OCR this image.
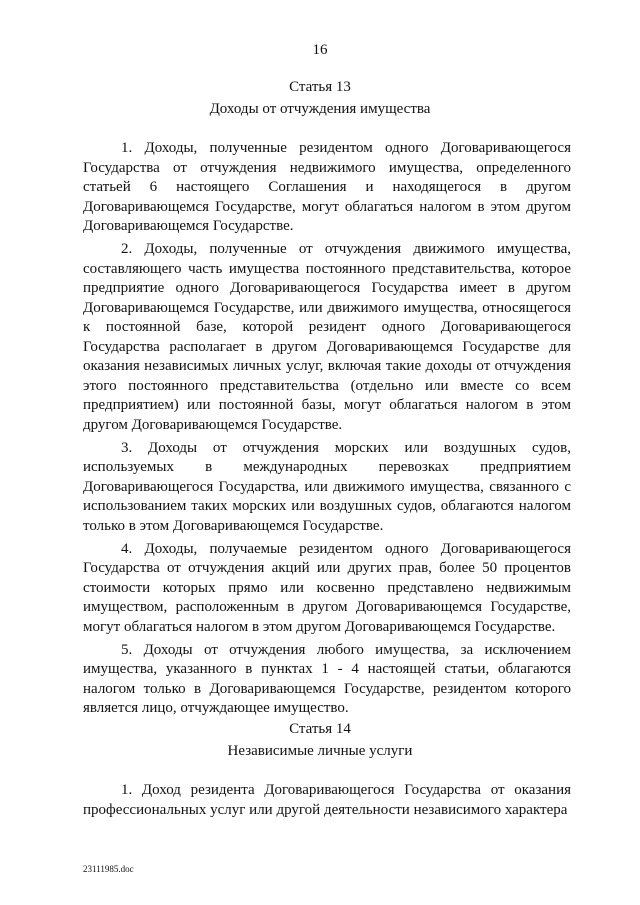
16
Статья 13
Доходы от отчуждения имущества

1. Доходы, полученные резидентом одного Договаривающегося Государства от отчуждения недвижимого имущества, определенного статьей 6 настоящего Соглашения и находящегося в другом Договаривающемся Государстве, могут облагаться налогом в этом другом Договаривающемся Государстве.

2. Доходы, полученные от отчуждения движимого имущества, составляющего часть имущества постоянного представительства, которое предприятие одного Договаривающегося Государства имеет в другом Договаривающемся Государстве, или движимого имущества, относящегося к постоянной базе, которой резидент одного Договаривающегося Государства располагает в другом Договаривающемся Государстве для оказания независимых личных услуг, включая такие доходы от отчуждения этого постоянного представительства (отдельно или вместе со всем предприятием) или постоянной базы, могут облагаться налогом в этом другом Договаривающемся Государстве.

3. Доходы от отчуждения морских или воздушных судов, используемых в международных перевозках предприятием Договаривающегося Государства, или движимого имущества, связанного с использованием таких морских или воздушных судов, облагаются налогом только в этом Договаривающемся Государстве.

4. Доходы, получаемые резидентом одного Договаривающегося Государства от отчуждения акций или других прав, более 50 процентов стоимости которых прямо или косвенно представлено недвижимым имуществом, расположенным в другом Договаривающемся Государстве, могут облагаться налогом в этом другом Договаривающемся Государстве.

5. Доходы от отчуждения любого имущества, за исключением имущества, указанного в пунктах 1 - 4 настоящей статьи, облагаются налогом только в Договаривающемся Государстве, резидентом которого является лицо, отчуждающее имущество.

Статья 14
Независимые личные услуги

1. Доход резидента Договаривающегося Государства от оказания профессиональных услуг или другой деятельности независимого характера

23111985.doc
